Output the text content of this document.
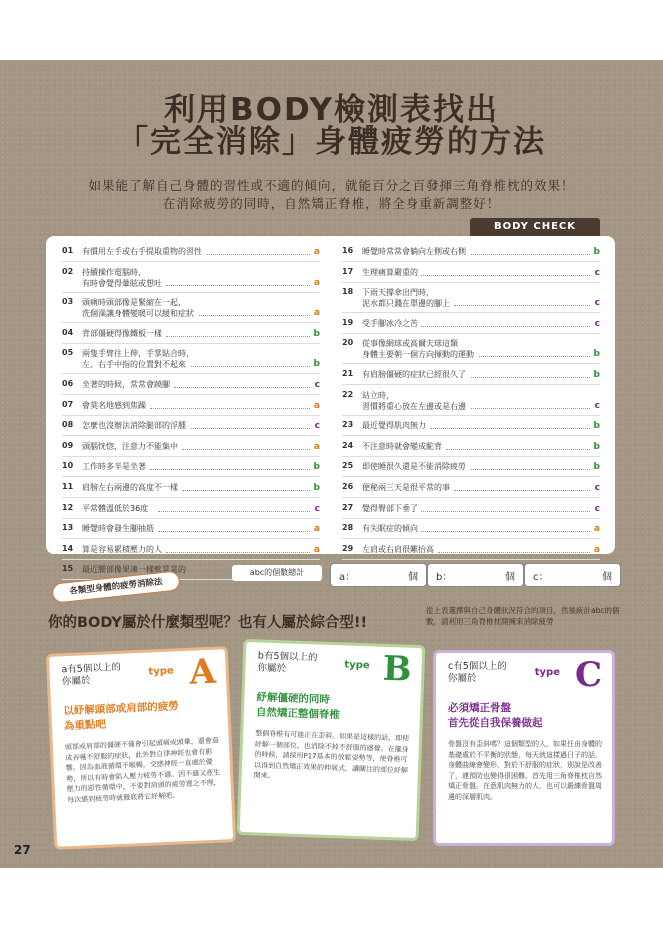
利用BODY檢測表找出
「完全消除」身體疲勞的方法
如果能了解自己身體的習性或不適的傾向，就能百分之百發揮三角脊椎枕的效果！
在消除疲勞的同時，自然矯正脊椎，將全身重新調整好！
BODY CHECK
01	有慣用左手或右手提取重物的習性	a
02	持續操作電腦時，
有時會覺得暈眩或想吐	a
03	頭痛時頭部像是緊縮在一起，
洗個澡讓身體變暖可以緩和症狀	a
04	背部僵硬得像鐵板一樣	b
05	兩隻手臂往上伸，手掌貼合時，
左、右手中指的位置對不起來	b
06	坐著的時候，常常會蹺腳	c
07	會莫名地感到焦躁	a
08	怎麼也沒辦法消除腿部的浮腫	c
09	頭腦恍惚，注意力不能集中	a
10	工作時多半是坐著	b
11	肩膀左右兩邊的高度不一樣	b
12	平常體溫低於36度	c
13	睡覺時會發生腳抽筋	a
14	算是容易累積壓力的人	a
15	最近腰部像果凍一樣軟晃晃的
16	睡覺時常常會躺向左側或右側	b
17	生理痛算嚴重的	c
18	下雨天撐傘出門時，
泥水都只濺在單邊的腳上	c
19	受手腳冰冷之苦	c
20	從事像網球或高爾夫球這類
身體主要朝一個方向揮動的運動	b
21	有肩膀僵硬的症狀已經很久了	b
22	站立時，
習慣將重心放在左邊或是右邊	c
23	最近覺得肌肉無力	b
24	不注意時就會變成駝背	b
25	即使睡很久還是不能消除疲勞	b
26	便秘兩三天是很平常的事	c
27	覺得臀部下垂了	c
28	有失眠症的傾向	a
29	左肩或右肩很難抬高	a
各類型身體的疲勞消除法
abc的個數總計	a：	個 b：	個 c：	個
你的BODY屬於什麼類型呢？也有人屬於綜合型!!
從上表選擇與自己身體狀況符合的項目，然後統計abc的個數，請利用三角脊椎枕開擁來消除疲勞
a有5個以上的
你屬於
type A
以紓解頭部或肩部的疲勞
為重點吧
頭部或肩部的僵硬不僅會引起頭痛或頭暈，還會造成吞嚥不舒服的症狀，此外對自律神經也會有影響。因為血液循環不順暢，交感神經一直處於優勢，所以有時會陷入壓力疲勞不適。因不適又產生壓力的惡性循環中，不要對肩頭的疲勞置之不理，每次感到疲勞時就徹底將它紓解吧。
b有5個以上的
你屬於	type B
紓解僵硬的同時
自然矯正整個脊椎
整個脊椎有可能正在歪斜。如果是這樣的話，即使紓解一個部位，也消除不掉不舒服的感覺。在擺身的時候，請採用P17基本的放鬆姿勢等，使脊椎可以得到自然矯正效果的伸展式，讓關注的部位紓解開來。
c有5個以上的
你屬於
type C
必須矯正骨盤
首先從自我保養做起
骨盤沒有歪斜嗎？這個類型的人，如果任由身體的基礎處於不平衡的狀態，每天就這樣過日子的話，身體曲線會變形，對於不舒服的症狀，別說是改善了，連預防也變得很困難。首先用三角脊椎枕自然矯正骨盤。在意肌肉無力的人，也可以鍛練骨盤周邊的深層肌肉。
27
